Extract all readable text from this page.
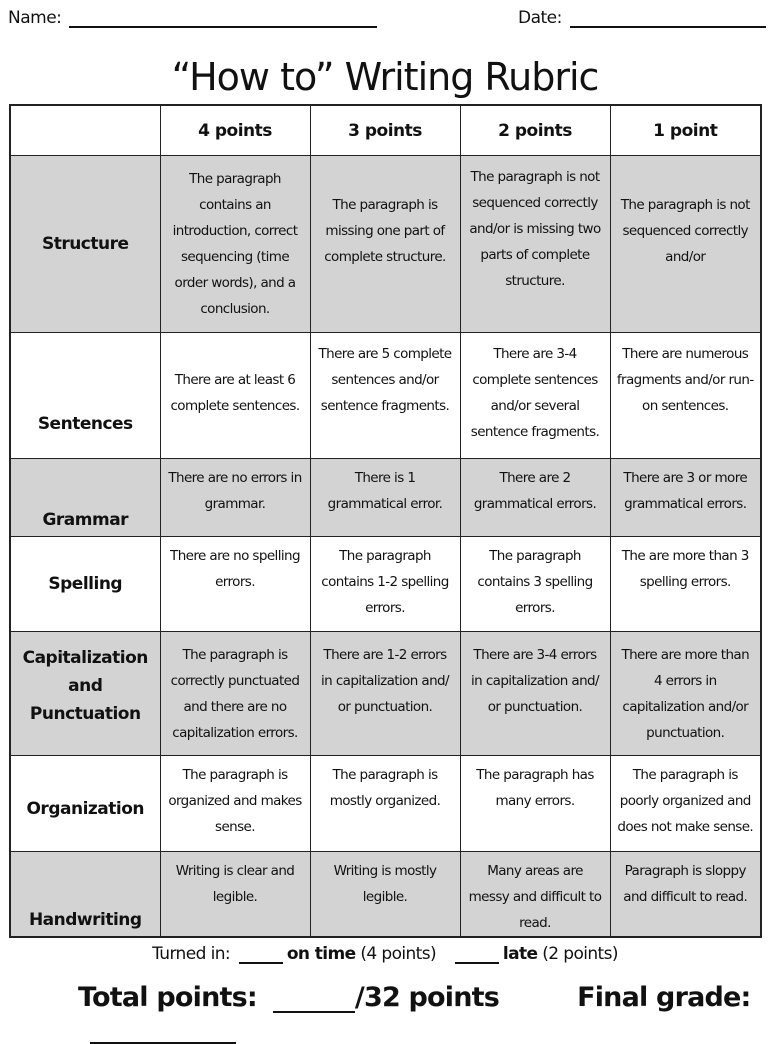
Name:	Date:
“How to” Writing Rubric
	4 points	3 points	2 points	1 point
Structure	The paragraph contains an introduction, correct sequencing (time order words), and a conclusion.	The paragraph is missing one part of complete structure.	The paragraph is not sequenced correctly and/or is missing two parts of complete structure.	The paragraph is not sequenced correctly and/or
Sentences	There are at least 6 complete sentences.	There are 5 complete sentences and/or sentence fragments.	There are 3-4 complete sentences and/or several sentence fragments.	There are numerous fragments and/or run-on sentences.
Grammar	There are no errors in grammar.	There is 1 grammatical error.	There are 2 grammatical errors.	There are 3 or more grammatical errors.
Spelling	There are no spelling errors.	The paragraph contains 1-2 spelling errors.	The paragraph contains 3 spelling errors.	The are more than 3 spelling errors.
Capitalization and Punctuation	The paragraph is correctly punctuated and there are no capitalization errors.	There are 1-2 errors in capitalization and/ or punctuation.	There are 3-4 errors in capitalization and/ or punctuation.	There are more than 4 errors in capitalization and/or punctuation.
Organization	The paragraph is organized and makes sense.	The paragraph is mostly organized.	The paragraph has many errors.	The paragraph is poorly organized and does not make sense.
Handwriting	Writing is clear and legible.	Writing is mostly legible.	Many areas are messy and difficult to read.	Paragraph is sloppy and difficult to read.
Turned in:	on time (4 points)	late (2 points)
Total points:	/32 points	Final grade:
